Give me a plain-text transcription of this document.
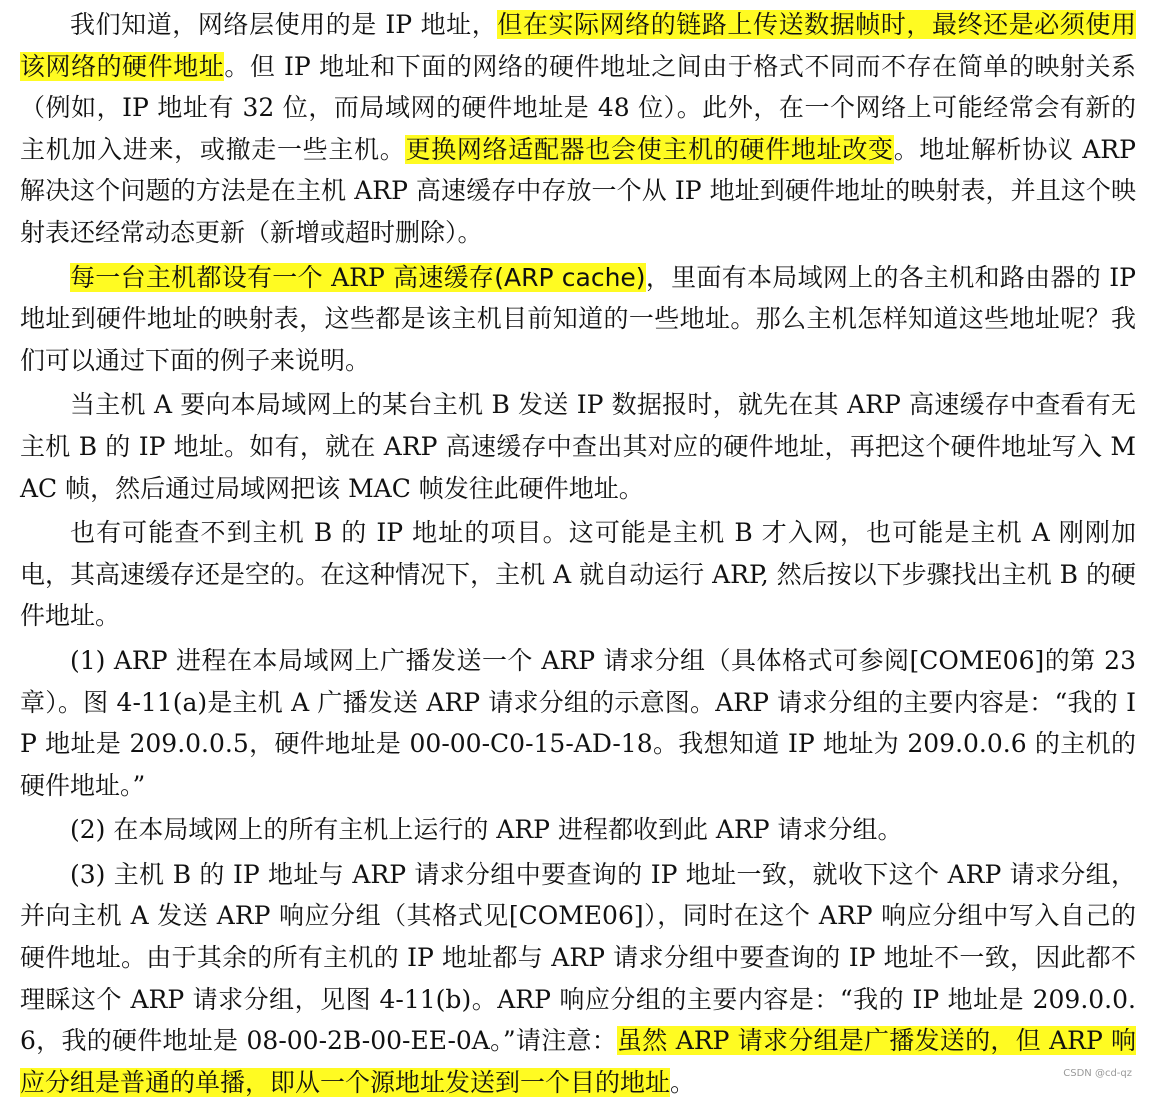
我们知道，网络层使用的是 IP 地址，但在实际网络的链路上传送数据帧时，最终还是必须使用该网络的硬件地址。但 IP 地址和下面的网络的硬件地址之间由于格式不同而不存在简单的映射关系（例如，IP 地址有 32 位，而局域网的硬件地址是 48 位）。此外，在一个网络上可能经常会有新的主机加入进来，或撤走一些主机。更换网络适配器也会使主机的硬件地址改变。地址解析协议 ARP 解决这个问题的方法是在主机 ARP 高速缓存中存放一个从 IP 地址到硬件地址的映射表，并且这个映射表还经常动态更新（新增或超时删除）。

每一台主机都设有一个 ARP 高速缓存(ARP cache)，里面有本局域网上的各主机和路由器的 IP 地址到硬件地址的映射表，这些都是该主机目前知道的一些地址。那么主机怎样知道这些地址呢？我们可以通过下面的例子来说明。

当主机 A 要向本局域网上的某台主机 B 发送 IP 数据报时，就先在其 ARP 高速缓存中查看有无主机 B 的 IP 地址。如有，就在 ARP 高速缓存中查出其对应的硬件地址，再把这个硬件地址写入 MAC 帧，然后通过局域网把该 MAC 帧发往此硬件地址。

也有可能查不到主机 B 的 IP 地址的项目。这可能是主机 B 才入网，也可能是主机 A 刚刚加电，其高速缓存还是空的。在这种情况下，主机 A 就自动运行 ARP, 然后按以下步骤找出主机 B 的硬件地址。

(1) ARP 进程在本局域网上广播发送一个 ARP 请求分组（具体格式可参阅[COME06]的第 23 章）。图 4-11(a)是主机 A 广播发送 ARP 请求分组的示意图。ARP 请求分组的主要内容是：“我的 IP 地址是 209.0.0.5，硬件地址是 00-00-C0-15-AD-18。我想知道 IP 地址为 209.0.0.6 的主机的硬件地址。”

(2) 在本局域网上的所有主机上运行的 ARP 进程都收到此 ARP 请求分组。

(3) 主机 B 的 IP 地址与 ARP 请求分组中要查询的 IP 地址一致，就收下这个 ARP 请求分组，并向主机 A 发送 ARP 响应分组（其格式见[COME06]），同时在这个 ARP 响应分组中写入自己的硬件地址。由于其余的所有主机的 IP 地址都与 ARP 请求分组中要查询的 IP 地址不一致，因此都不理睬这个 ARP 请求分组，见图 4-11(b)。ARP 响应分组的主要内容是：“我的 IP 地址是 209.0.0.6，我的硬件地址是 08-00-2B-00-EE-0A。”请注意：虽然 ARP 请求分组是广播发送的，但 ARP 响应分组是普通的单播，即从一个源地址发送到一个目的地址。	CSDN @cd-qz
